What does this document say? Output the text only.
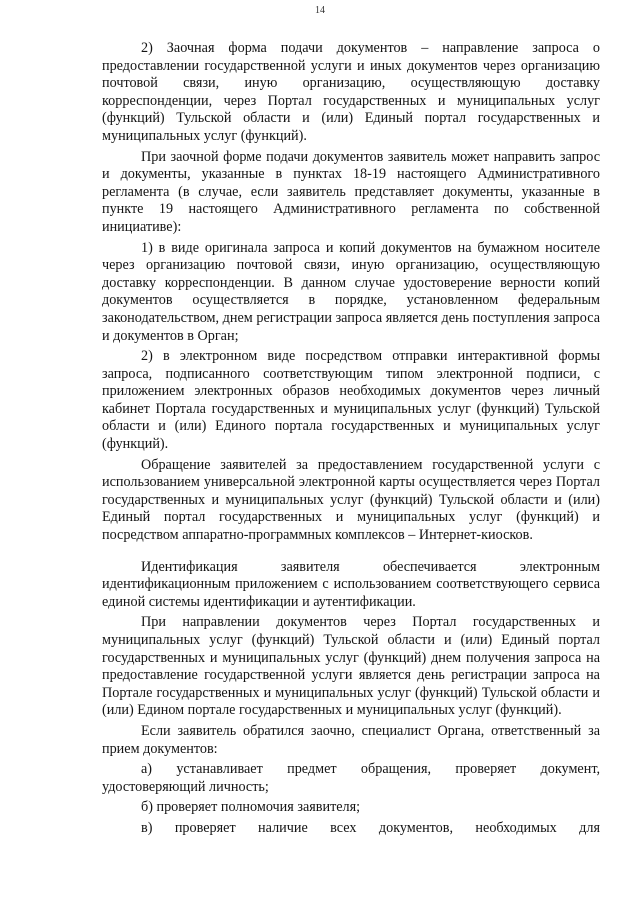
14

2) Заочная форма подачи документов – направление запроса о предоставлении государственной услуги и иных документов через организацию почтовой связи, иную организацию, осуществляющую доставку корреспонденции, через Портал государственных и муниципальных услуг (функций) Тульской области и (или) Единый портал государственных и муниципальных услуг (функций).

При заочной форме подачи документов заявитель может направить запрос и документы, указанные в пунктах 18-19 настоящего Административного регламента (в случае, если заявитель представляет документы, указанные в пункте 19 настоящего Административного регламента по собственной инициативе):

1) в виде оригинала запроса и копий документов на бумажном носителе через организацию почтовой связи, иную организацию, осуществляющую доставку корреспонденции. В данном случае удостоверение верности копий документов осуществляется в порядке, установленном федеральным законодательством, днем регистрации запроса является день поступления запроса и документов в Орган;

2) в электронном виде посредством отправки интерактивной формы запроса, подписанного соответствующим типом электронной подписи, с приложением электронных образов необходимых документов через личный кабинет Портала государственных и муниципальных услуг (функций) Тульской области и (или) Единого портала государственных и муниципальных услуг (функций).

Обращение заявителей за предоставлением государственной услуги с использованием универсальной электронной карты осуществляется через Портал государственных и муниципальных услуг (функций) Тульской области и (или) Единый портал государственных и муниципальных услуг (функций) и посредством аппаратно-программных комплексов – Интернет-киосков.

Идентификация заявителя обеспечивается электронным идентификационным приложением с использованием соответствующего сервиса единой системы идентификации и аутентификации.

При направлении документов через Портал государственных и муниципальных услуг (функций) Тульской области и (или) Единый портал государственных и муниципальных услуг (функций) днем получения запроса на предоставление государственной услуги является день регистрации запроса на Портале государственных и муниципальных услуг (функций) Тульской области и (или) Едином портале государственных и муниципальных услуг (функций).

Если заявитель обратился заочно, специалист Органа, ответственный за прием документов:

а) устанавливает предмет обращения, проверяет документ, удостоверяющий личность;

б) проверяет полномочия заявителя;

в) проверяет наличие всех документов, необходимых для
